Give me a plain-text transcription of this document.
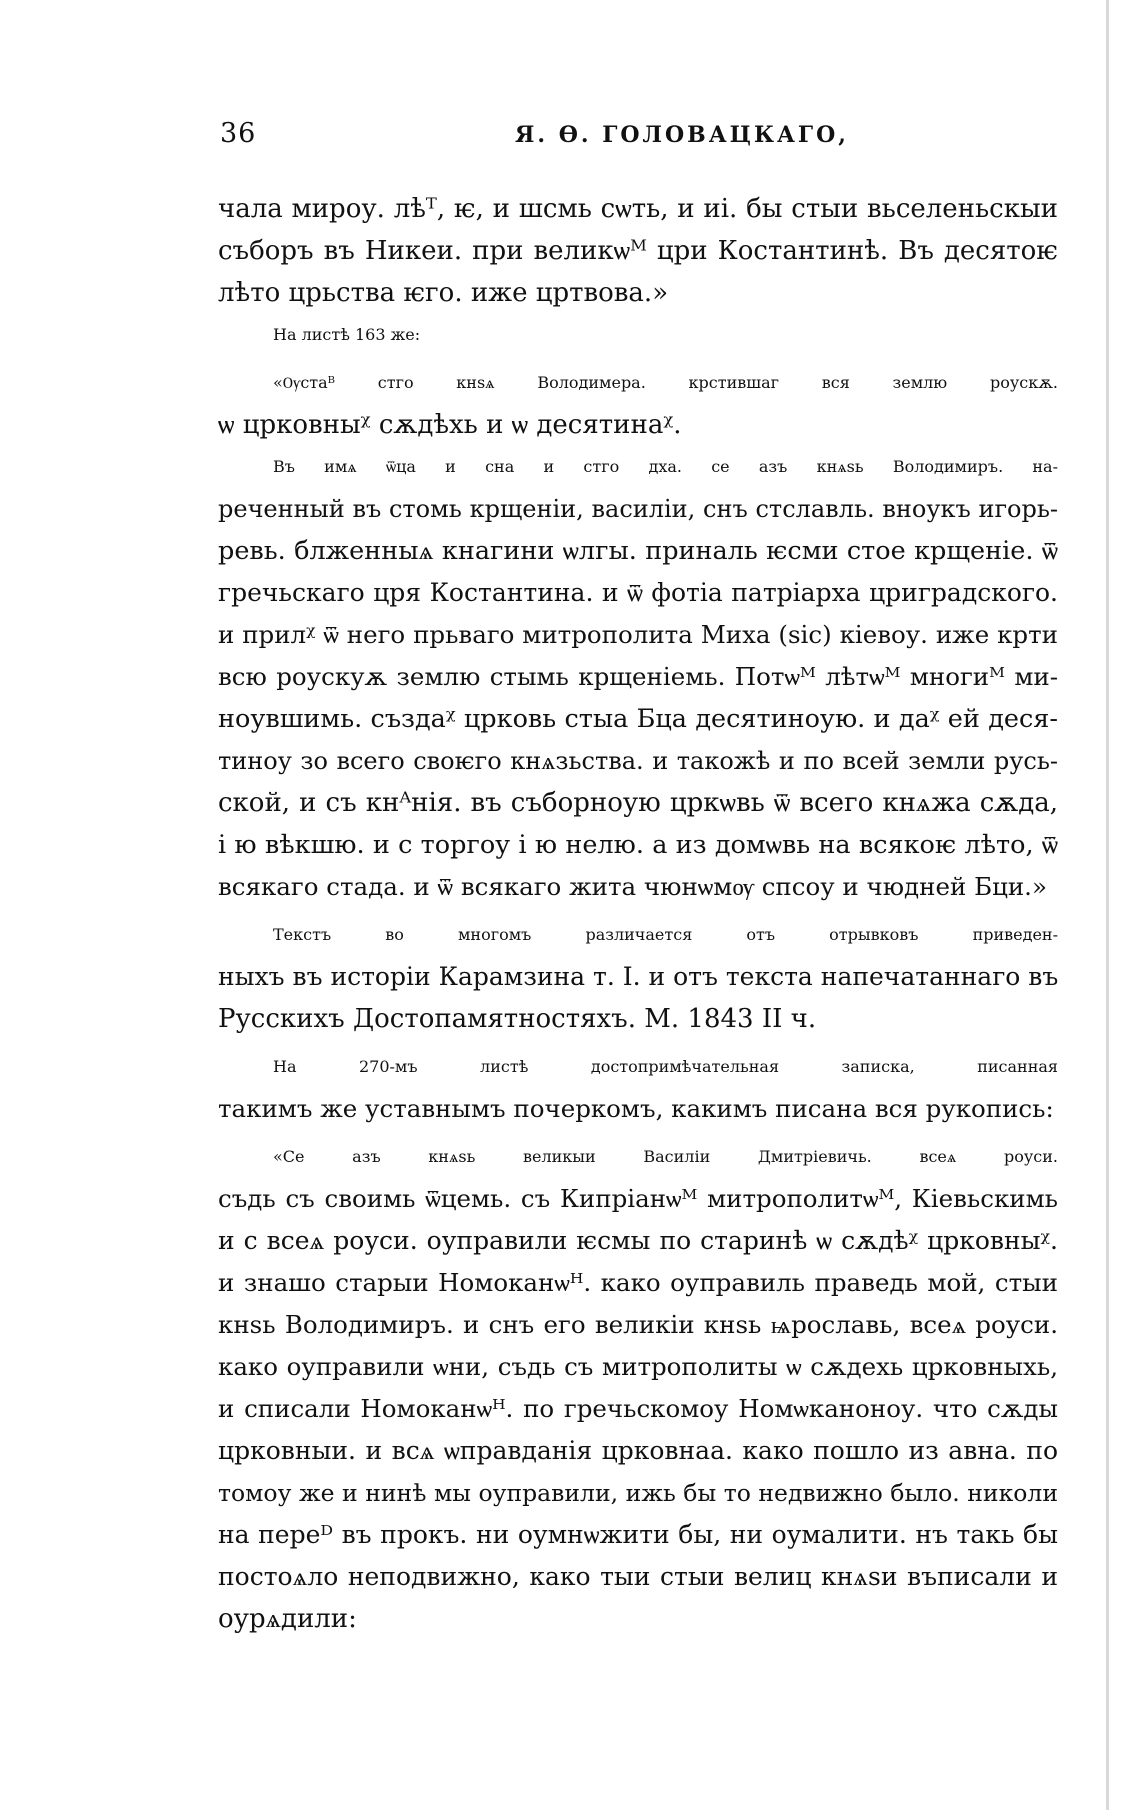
36	Я. Ѳ. ГОЛОВАЦКАГО,

чала мироу. лѣᵀ, ѥ, и шсмь сѡть, и иі. бы стыи вьселеньскыи
съборъ въ Никеи. при великѡᴹ цри Костантинѣ. Въ десятоѥ
лѣто црьства ѥго. иже цртвова.»

На листѣ 163 же:

«Ѹстаᴮ стго кнѕѧ Володимера. крстившаᴦ вся землю роускѫ.
ѡ црковныᵡ сѫдѣхь и ѡ десятинаᵡ.

Въ имѧ ѿца и сна и стго дха. се азъ кнѧѕь Володимиръ. на-
реченный въ стомь крщеніи, василіи, снъ стславль. вноукъ игорь-
ревь. блженныѧ кнагини ѡлгы. приналь ѥсми стое крщеніе. ѿ
гречьскаго цря Костантина. и ѿ фотіа патріарха цриградского.
и прилᵡ ѿ него прьваго митрополита Миха (sic) кіевоу. иже крти
всю роускуѫ землю стымь крщеніемь. Потѡᴹ лѣтѡᴹ многиᴹ ми-
ноувшимь. създаᵡ црковь стыа Бца десятиноую. и даᵡ ей деся-
тиноу зо всего своѥго кнѧзьства. и такожѣ и по всей земли русь-
ской, и съ кнᴬнія. въ съборноую цркѡвь ѿ всего кнѧжа сѫда,
і ю вѣкшю. и с торгоу і ю нелю. а из домѡвь на всякоѥ лѣто, ѿ
всякаго стада. и ѿ всякаго жита чюнѡмѹ спсоу и чюдней Бци.»

Текстъ во многомъ различается отъ отрывковъ приведен-
ныхъ въ исторіи Карамзина т. І. и отъ текста напечатаннаго въ
Русскихъ Достопамятностяхъ. М. 1843 II ч.

На 270-мъ листѣ достопримѣчательная записка, писанная
такимъ же уставнымъ почеркомъ, какимъ писана вся рукопись:

«Се азъ кнѧѕь великыи Василіи Дмитріевичь. всеѧ роуси.
съдь съ своимь ѿцемь. съ Кипріанѡᴹ митрополитѡᴹ, Кіевьскимь
и с всеѧ роуси. оуправили ѥсмы по старинѣ ѡ сѫдѣᵡ црковныᵡ.
и знашо старыи Номоканѡᴴ. како оуправиль праведь мой, стыи
кнѕь Володимиръ. и снъ его великіи кнѕь ѩрославь, всеѧ роуси.
како оуправили ѡни, съдь съ митрополиты ѡ сѫдехь црковныхь,
и списали Номоканѡᴴ. по гречьскомоу Номѡканоноу. что сѫды
црковныи. и всѧ ѡправданія црковнаа. како пошло из авна. по
томоу же и нинѣ мы оуправили, ижь бы то недвижно было. николи
на переᴰ въ прокъ. ни оумнѡжити бы, ни оумалити. нъ такь бы
постоѧло неподвижно, како тыи стыи велиц кнѧѕи въписали и
оурѧдили:
